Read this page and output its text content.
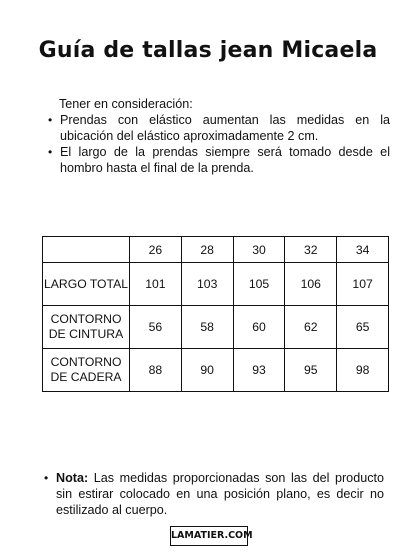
Guía de tallas jean Micaela
Tener en consideración:
• Prendas con elástico aumentan las medidas en la ubicación del elástico aproximadamente 2 cm.
• El largo de la prendas siempre será tomado desde el hombro hasta el final de la prenda.
	26	28	30	32	34
LARGO TOTAL	101	103	105	106	107
CONTORNO DE CINTURA	56	58	60	62	65
CONTORNO DE CADERA	88	90	93	95	98
• Nota: Las medidas proporcionadas son las del producto sin estirar colocado en una posición plano, es decir no estilizado al cuerpo.
LAMATIER.COM
